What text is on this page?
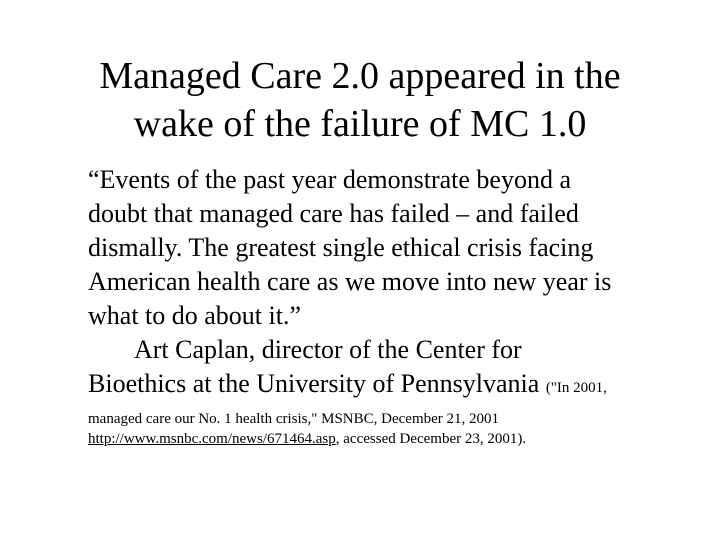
Managed Care 2.0 appeared in the
wake of the failure of MC 1.0
“Events of the past year demonstrate beyond a
doubt that managed care has failed – and failed
dismally. The greatest single ethical crisis facing
American health care as we move into new year is
what to do about it.”
Art Caplan, director of the Center for
Bioethics at the University of Pennsylvania ("In 2001,
managed care our No. 1 health crisis," MSNBC, December 21, 2001
http://www.msnbc.com/news/671464.asp, accessed December 23, 2001).
